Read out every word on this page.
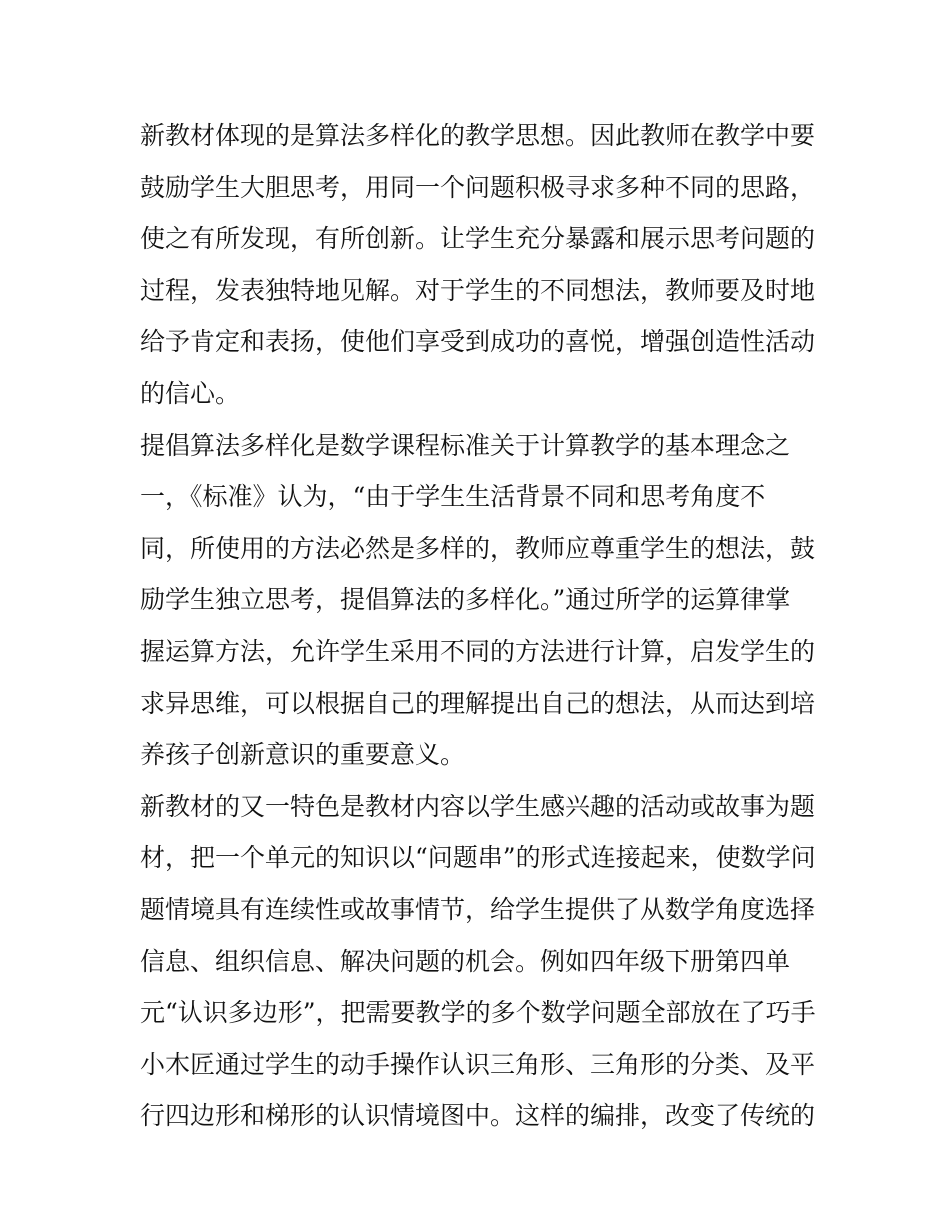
新教材体现的是算法多样化的教学思想。因此教师在教学中要
鼓励学生大胆思考，用同一个问题积极寻求多种不同的思路，
使之有所发现，有所创新。让学生充分暴露和展示思考问题的
过程，发表独特地见解。对于学生的不同想法，教师要及时地
给予肯定和表扬，使他们享受到成功的喜悦，增强创造性活动
的信心。
提倡算法多样化是数学课程标准关于计算教学的基本理念之
一，《标准》认为，“由于学生生活背景不同和思考角度不
同，所使用的方法必然是多样的，教师应尊重学生的想法，鼓
励学生独立思考，提倡算法的多样化。”通过所学的运算律掌
握运算方法，允许学生采用不同的方法进行计算，启发学生的
求异思维，可以根据自己的理解提出自己的想法，从而达到培
养孩子创新意识的重要意义。
新教材的又一特色是教材内容以学生感兴趣的活动或故事为题
材，把一个单元的知识以“问题串”的形式连接起来，使数学问
题情境具有连续性或故事情节，给学生提供了从数学角度选择
信息、组织信息、解决问题的机会。例如四年级下册第四单
元“认识多边形”，把需要教学的多个数学问题全部放在了巧手
小木匠通过学生的动手操作认识三角形、三角形的分类、及平
行四边形和梯形的认识情境图中。这样的编排，改变了传统的
